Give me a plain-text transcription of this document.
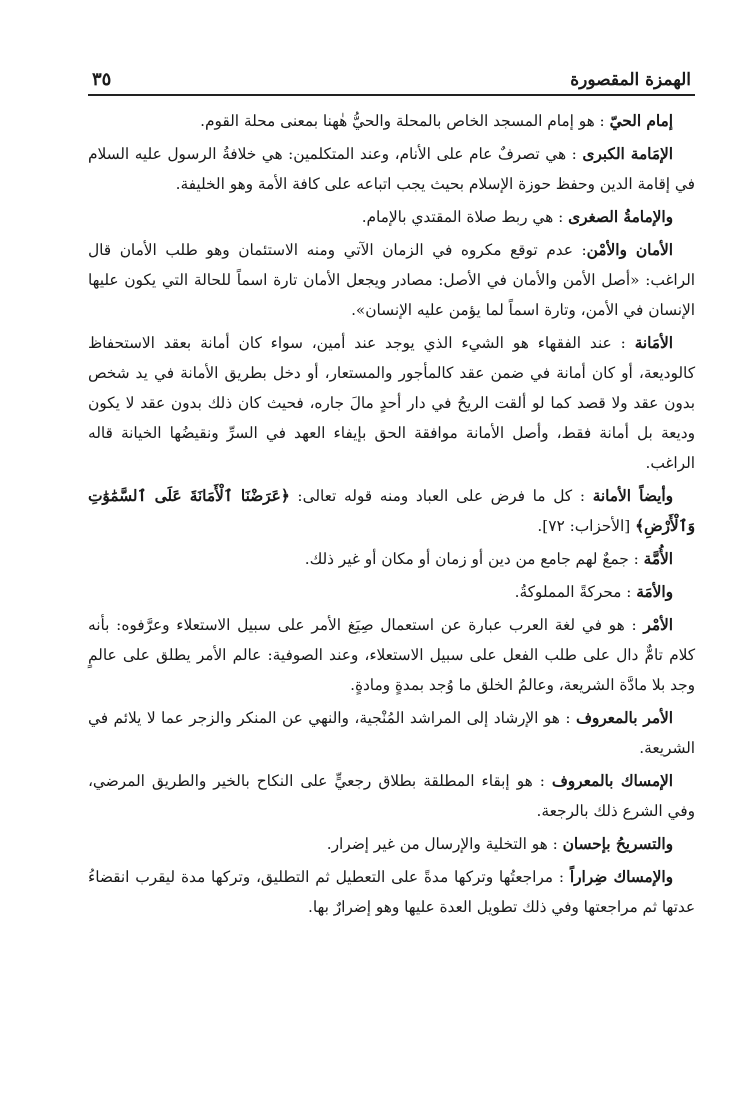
الهمزة المقصورة
٣٥

إمام الحيّ : هو إمام المسجد الخاص بالمحلة والحيُّ هٰهنا بمعنى محلة القوم.

الإمَامة الكبرى : هي تصرفٌ عام على الأنام، وعند المتكلمين: هي خلافةُ الرسول عليه السلام في إقامة الدين وحفظ حوزة الإسلام بحيث يجب اتباعه على كافة الأمة وهو الخليفة.

والإمامةُ الصغرى : هي ربط صلاة المقتدي بالإمام.

الأمان والأمْن: عدم توقع مكروه في الزمان الآتي ومنه الاستئمان وهو طلب الأمان قال الراغب: «أصل الأمن والأمان في الأصل: مصادر ويجعل الأمان تارة اسماً للحالة التي يكون عليها الإنسان في الأمن، وتارة اسماً لما يؤمن عليه الإنسان».

الأمَانة : عند الفقهاء هو الشيء الذي يوجد عند أمين، سواء كان أمانة بعقد الاستحفاظ كالوديعة، أو كان أمانة في ضمن عقد كالمأجور والمستعار، أو دخل بطريق الأمانة في يد شخص بدون عقد ولا قصد كما لو ألقت الريحُ في دار أحدٍ مالَ جاره، فحيث كان ذلك بدون عقد لا يكون وديعة بل أمانة فقط، وأصل الأمانة موافقة الحق بإيفاء العهد في السرِّ ونقيضُها الخيانة قاله الراغب.

وأيضاً الأمانة : كل ما فرض على العباد ومنه قوله تعالى: ﴿عَرَضْنَا ٱلْأَمَانَةَ عَلَى ٱلسَّمَٰوَٰتِ وَٱلْأَرْضِ﴾ [الأحزاب: ٧٢].

الأُمَّة : جمعٌ لهم جامع من دين أو زمان أو مكان أو غير ذلك.

والأمَة : محركةً المملوكةُ.

الأمْر : هو في لغة العرب عبارة عن استعمال صِيَغ الأمر على سبيل الاستعلاء وعرَّفوه: بأنه كلام تامٌّ دال على طلب الفعل على سبيل الاستعلاء، وعند الصوفية: عالم الأمر يطلق على عالمٍ وجد بلا مادَّة الشريعة، وعالمُ الخلق ما وُجد بمدةٍ ومادةٍ.

الأمر بالمعروف : هو الإرشاد إلى المراشد المُنْجية، والنهي عن المنكر والزجر عما لا يلائم في الشريعة.

الإمساك بالمعروف : هو إبقاء المطلقة بطلاق رجعيٍّ على النكاح بالخير والطريق المرضي، وفي الشرع ذلك بالرجعة.

والتسريحُ بإحسان : هو التخلية والإرسال من غير إضرار.

والإمساك ضِراراً : مراجعتُها وتركها مدةً على التعطيل ثم التطليق، وتركها مدة ليقرب انقضاءُ عدتها ثم مراجعتها وفي ذلك تطويل العدة عليها وهو إضرارٌ بها.
